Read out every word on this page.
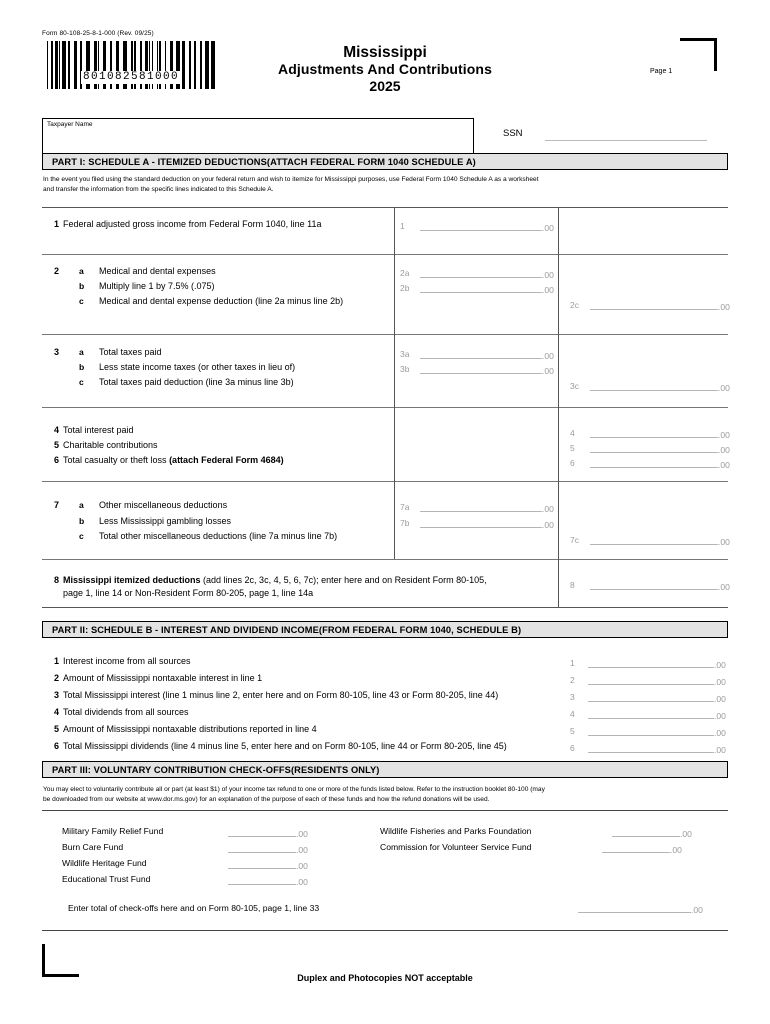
Form 80-108-25-8-1-000 (Rev. 09/25)
801082581000
Mississippi
Adjustments And Contributions
2025
Page 1
Taxpayer Name
SSN
PART I: SCHEDULE A - ITEMIZED DEDUCTIONS(ATTACH FEDERAL FORM 1040 SCHEDULE A)
In the event you filed using the standard deduction on your federal return and wish to itemize for Mississippi purposes, use Federal Form 1040 Schedule A as a worksheet
and transfer the information from the specific lines indicated to this Schedule A.
1 Federal adjusted gross income from Federal Form 1040, line 11a
2 a Medical and dental expenses
b Multiply line 1 by 7.5% (.075)
c Medical and dental expense deduction (line 2a minus line 2b)
3 a Total taxes paid
b Less state income taxes (or other taxes in lieu of)
c Total taxes paid deduction (line 3a minus line 3b)
4 Total interest paid
5 Charitable contributions
6 Total casualty or theft loss (attach Federal Form 4684)
7 a Other miscellaneous deductions
b Less Mississippi gambling losses
c Total other miscellaneous deductions (line 7a minus line 7b)
1	.00
2a	.00
2b	.00
3a	.00
3b	.00
7a	.00
7b	.00
2c	.00
3c	.00
4	.00
5	.00
6	.00
7c	.00
8	.00
8 Mississippi itemized deductions (add lines 2c, 3c, 4, 5, 6, 7c); enter here and on Resident Form 80-105,
page 1, line 14 or Non-Resident Form 80-205, page 1, line 14a
PART II: SCHEDULE B - INTEREST AND DIVIDEND INCOME(FROM FEDERAL FORM 1040, SCHEDULE B)
1 Interest income from all sources
2 Amount of Mississippi nontaxable interest in line 1
3 Total Mississippi interest (line 1 minus line 2, enter here and on Form 80-105, line 43 or Form 80-205, line 44)
4 Total dividends from all sources
5 Amount of Mississippi nontaxable distributions reported in line 4
6 Total Mississippi dividends (line 4 minus line 5, enter here and on Form 80-105, line 44 or Form 80-205, line 45)
1	.00
2	.00
3	.00
4	.00
5	.00
6	.00
PART III: VOLUNTARY CONTRIBUTION CHECK-OFFS(RESIDENTS ONLY)
You may elect to voluntarily contribute all or part (at least $1) of your income tax refund to one or more of the funds listed below. Refer to the instruction booklet 80-100 (may
be downloaded from our website at www.dor.ms.gov) for an explanation of the purpose of each of these funds and how the refund donations will be used.
Military Family Relief Fund	.00
Burn Care Fund	.00
Wildlife Heritage Fund	.00
Educational Trust Fund	.00
Wildlife Fisheries and Parks Foundation	.00
Commission for Volunteer Service Fund	.00
Enter total of check-offs here and on Form 80-105, page 1, line 33	.00
Duplex and Photocopies NOT acceptable
